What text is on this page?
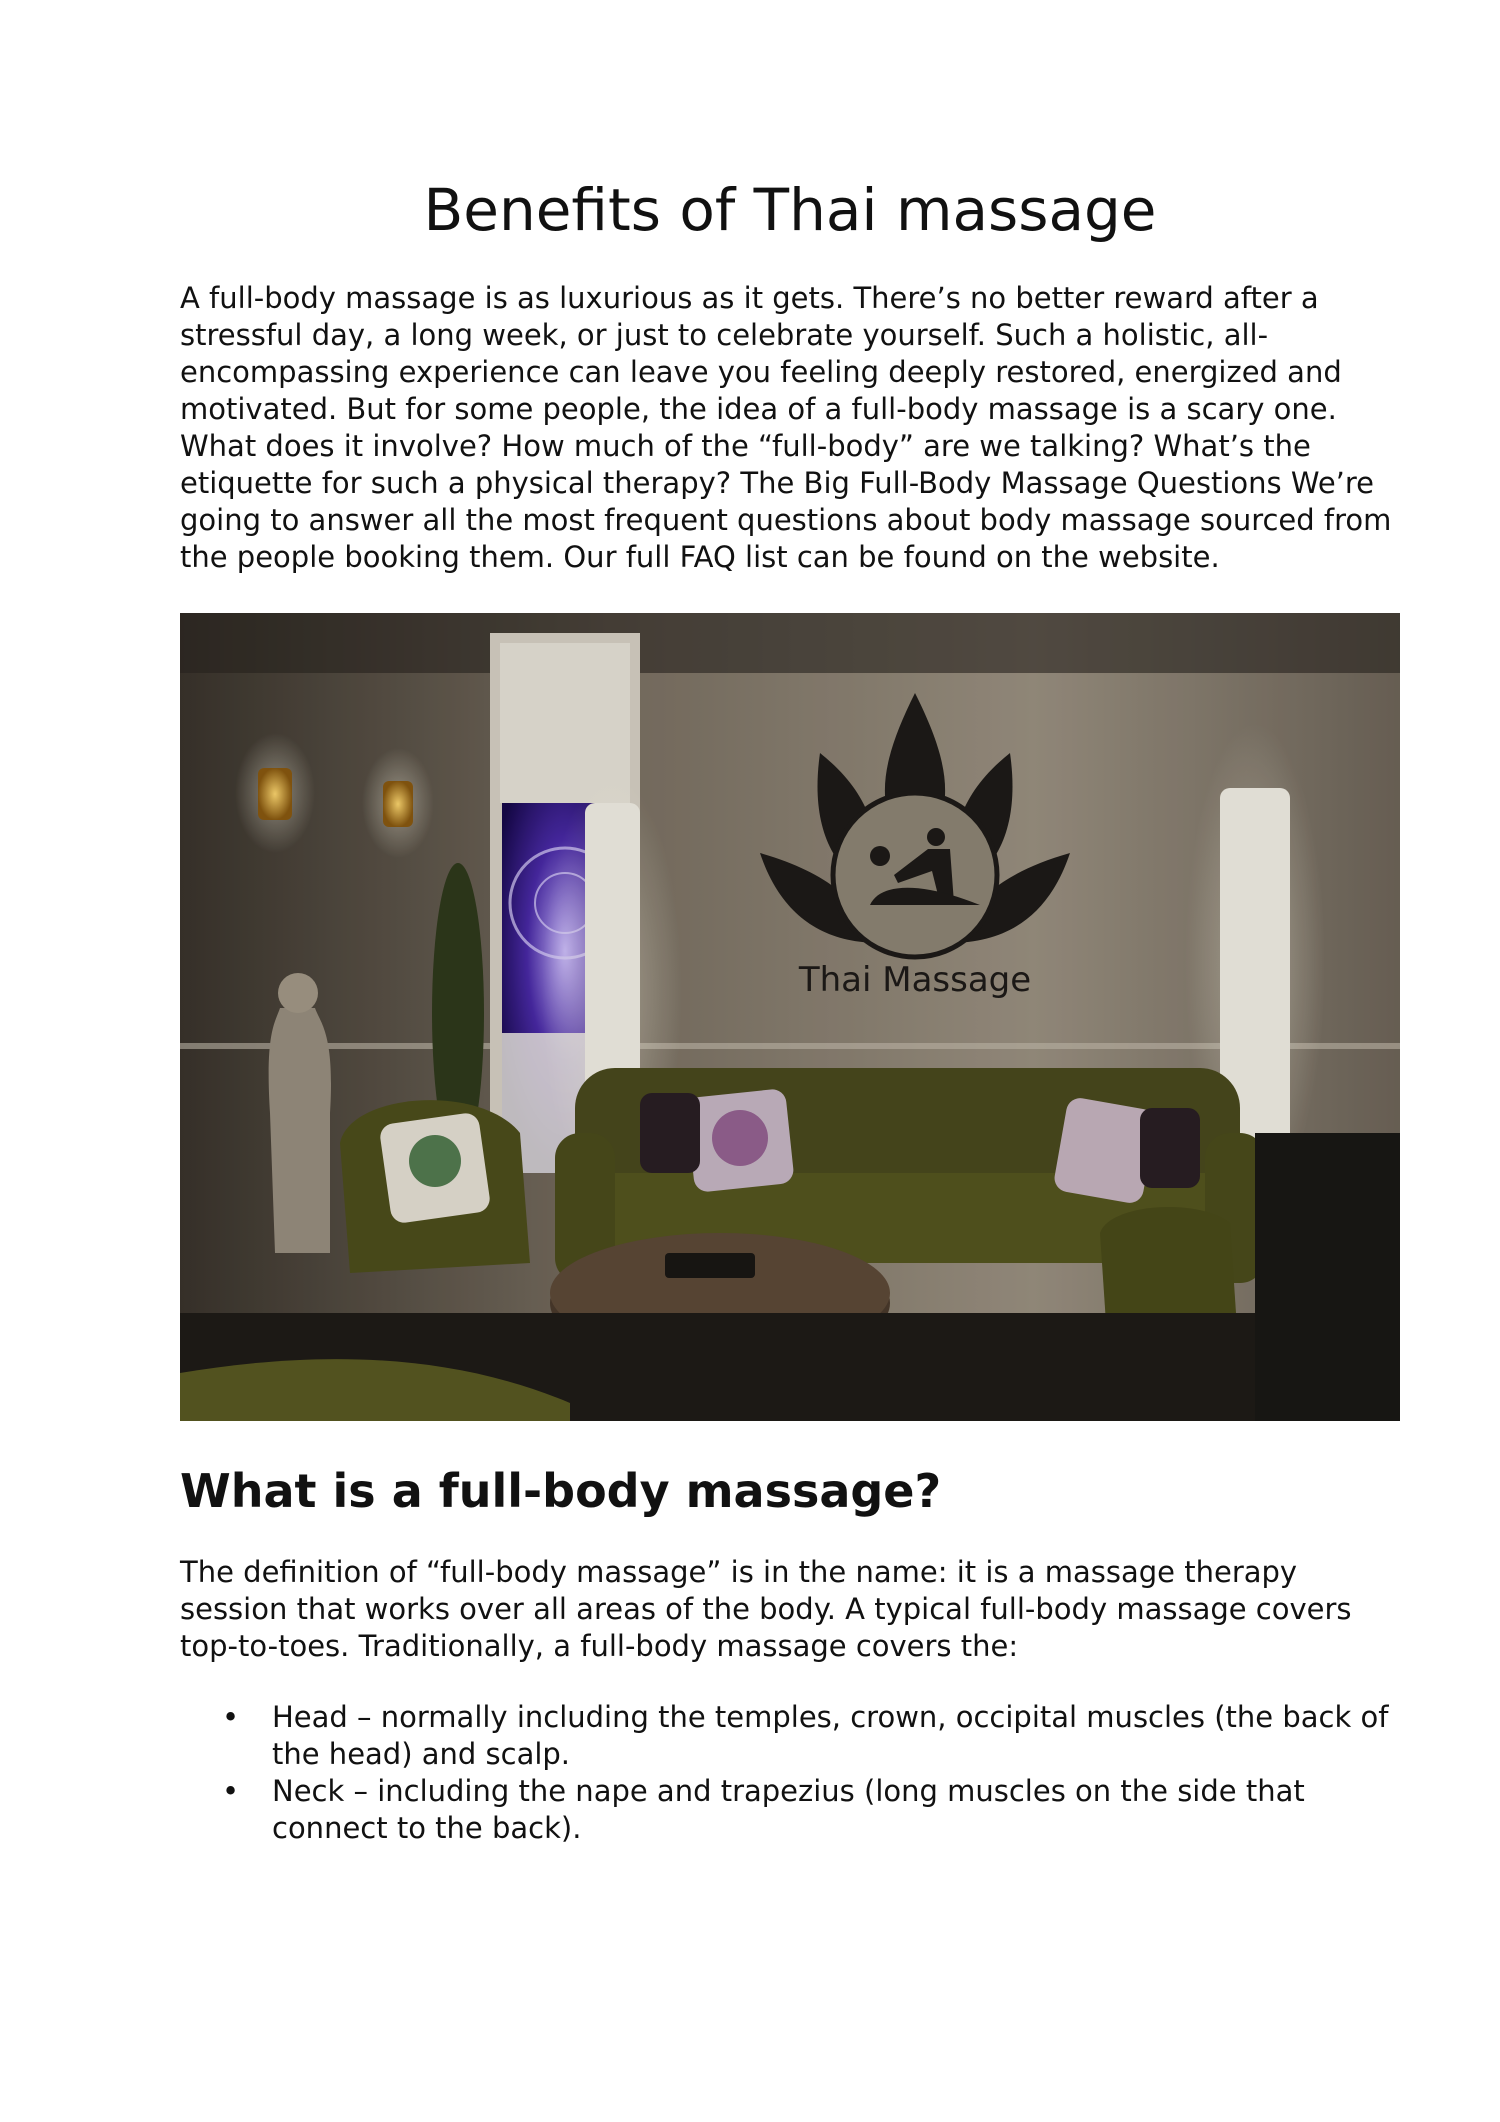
Benefits of Thai massage

A full-body massage is as luxurious as it gets. There’s no better reward after a stressful day, a long week, or just to celebrate yourself. Such a holistic, all-encompassing experience can leave you feeling deeply restored, energized and motivated. But for some people, the idea of a full-body massage is a scary one. What does it involve? How much of the “full-body” are we talking? What’s the etiquette for such a physical therapy? The Big Full-Body Massage Questions We’re going to answer all the most frequent questions about body massage sourced from the people booking them. Our full FAQ list can be found on the website.

Thai Massage
What is a full-body massage?

The definition of “full-body massage” is in the name: it is a massage therapy session that works over all areas of the body. A typical full-body massage covers top-to-toes. Traditionally, a full-body massage covers the:

• Head – normally including the temples, crown, occipital muscles (the back of the head) and scalp.
• Neck – including the nape and trapezius (long muscles on the side that connect to the back).
